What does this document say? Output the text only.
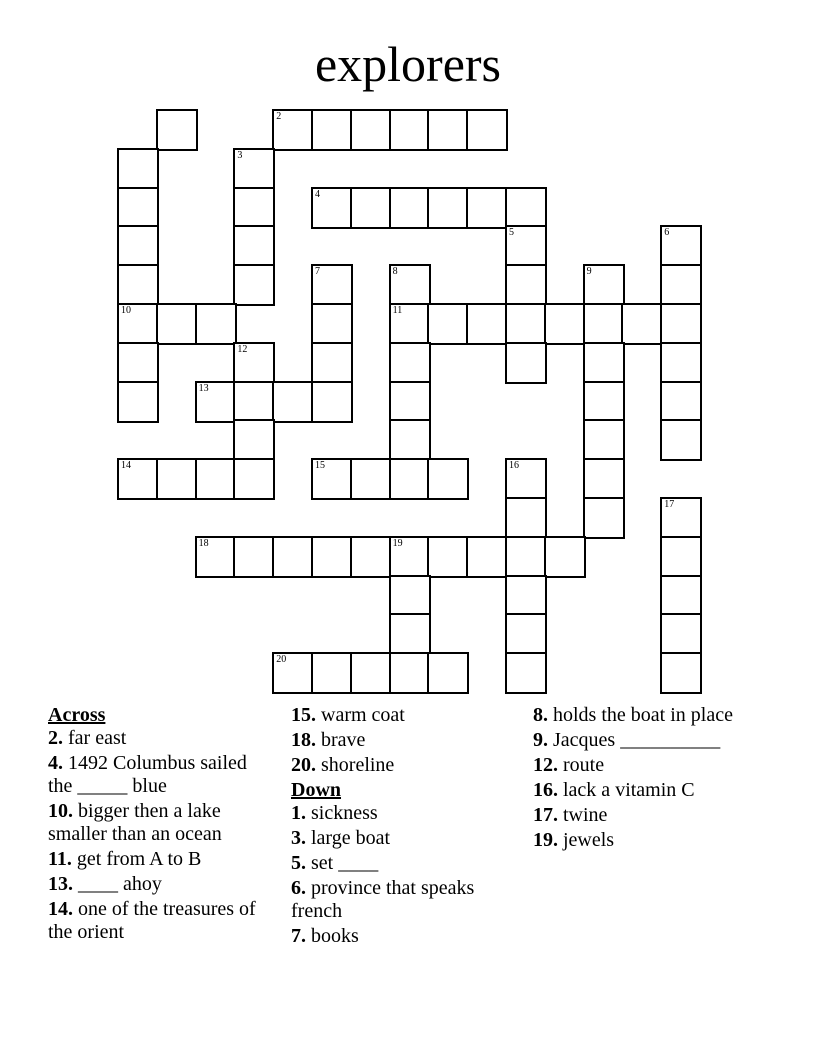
explorers
2
3
4
5	6
7	8	9
10	11
12
13
14	15	16
17
18	19
20
Across
2. far east
4. 1492 Columbus sailed the _____ blue
10. bigger then a lake smaller than an ocean
11. get from A to B
13. ____ ahoy
14. one of the treasures of the orient
15. warm coat
18. brave
20. shoreline
Down
1. sickness
3. large boat
5. set ____
6. province that speaks french
7. books
8. holds the boat in place
9. Jacques __________
12. route
16. lack a vitamin C
17. twine
19. jewels
